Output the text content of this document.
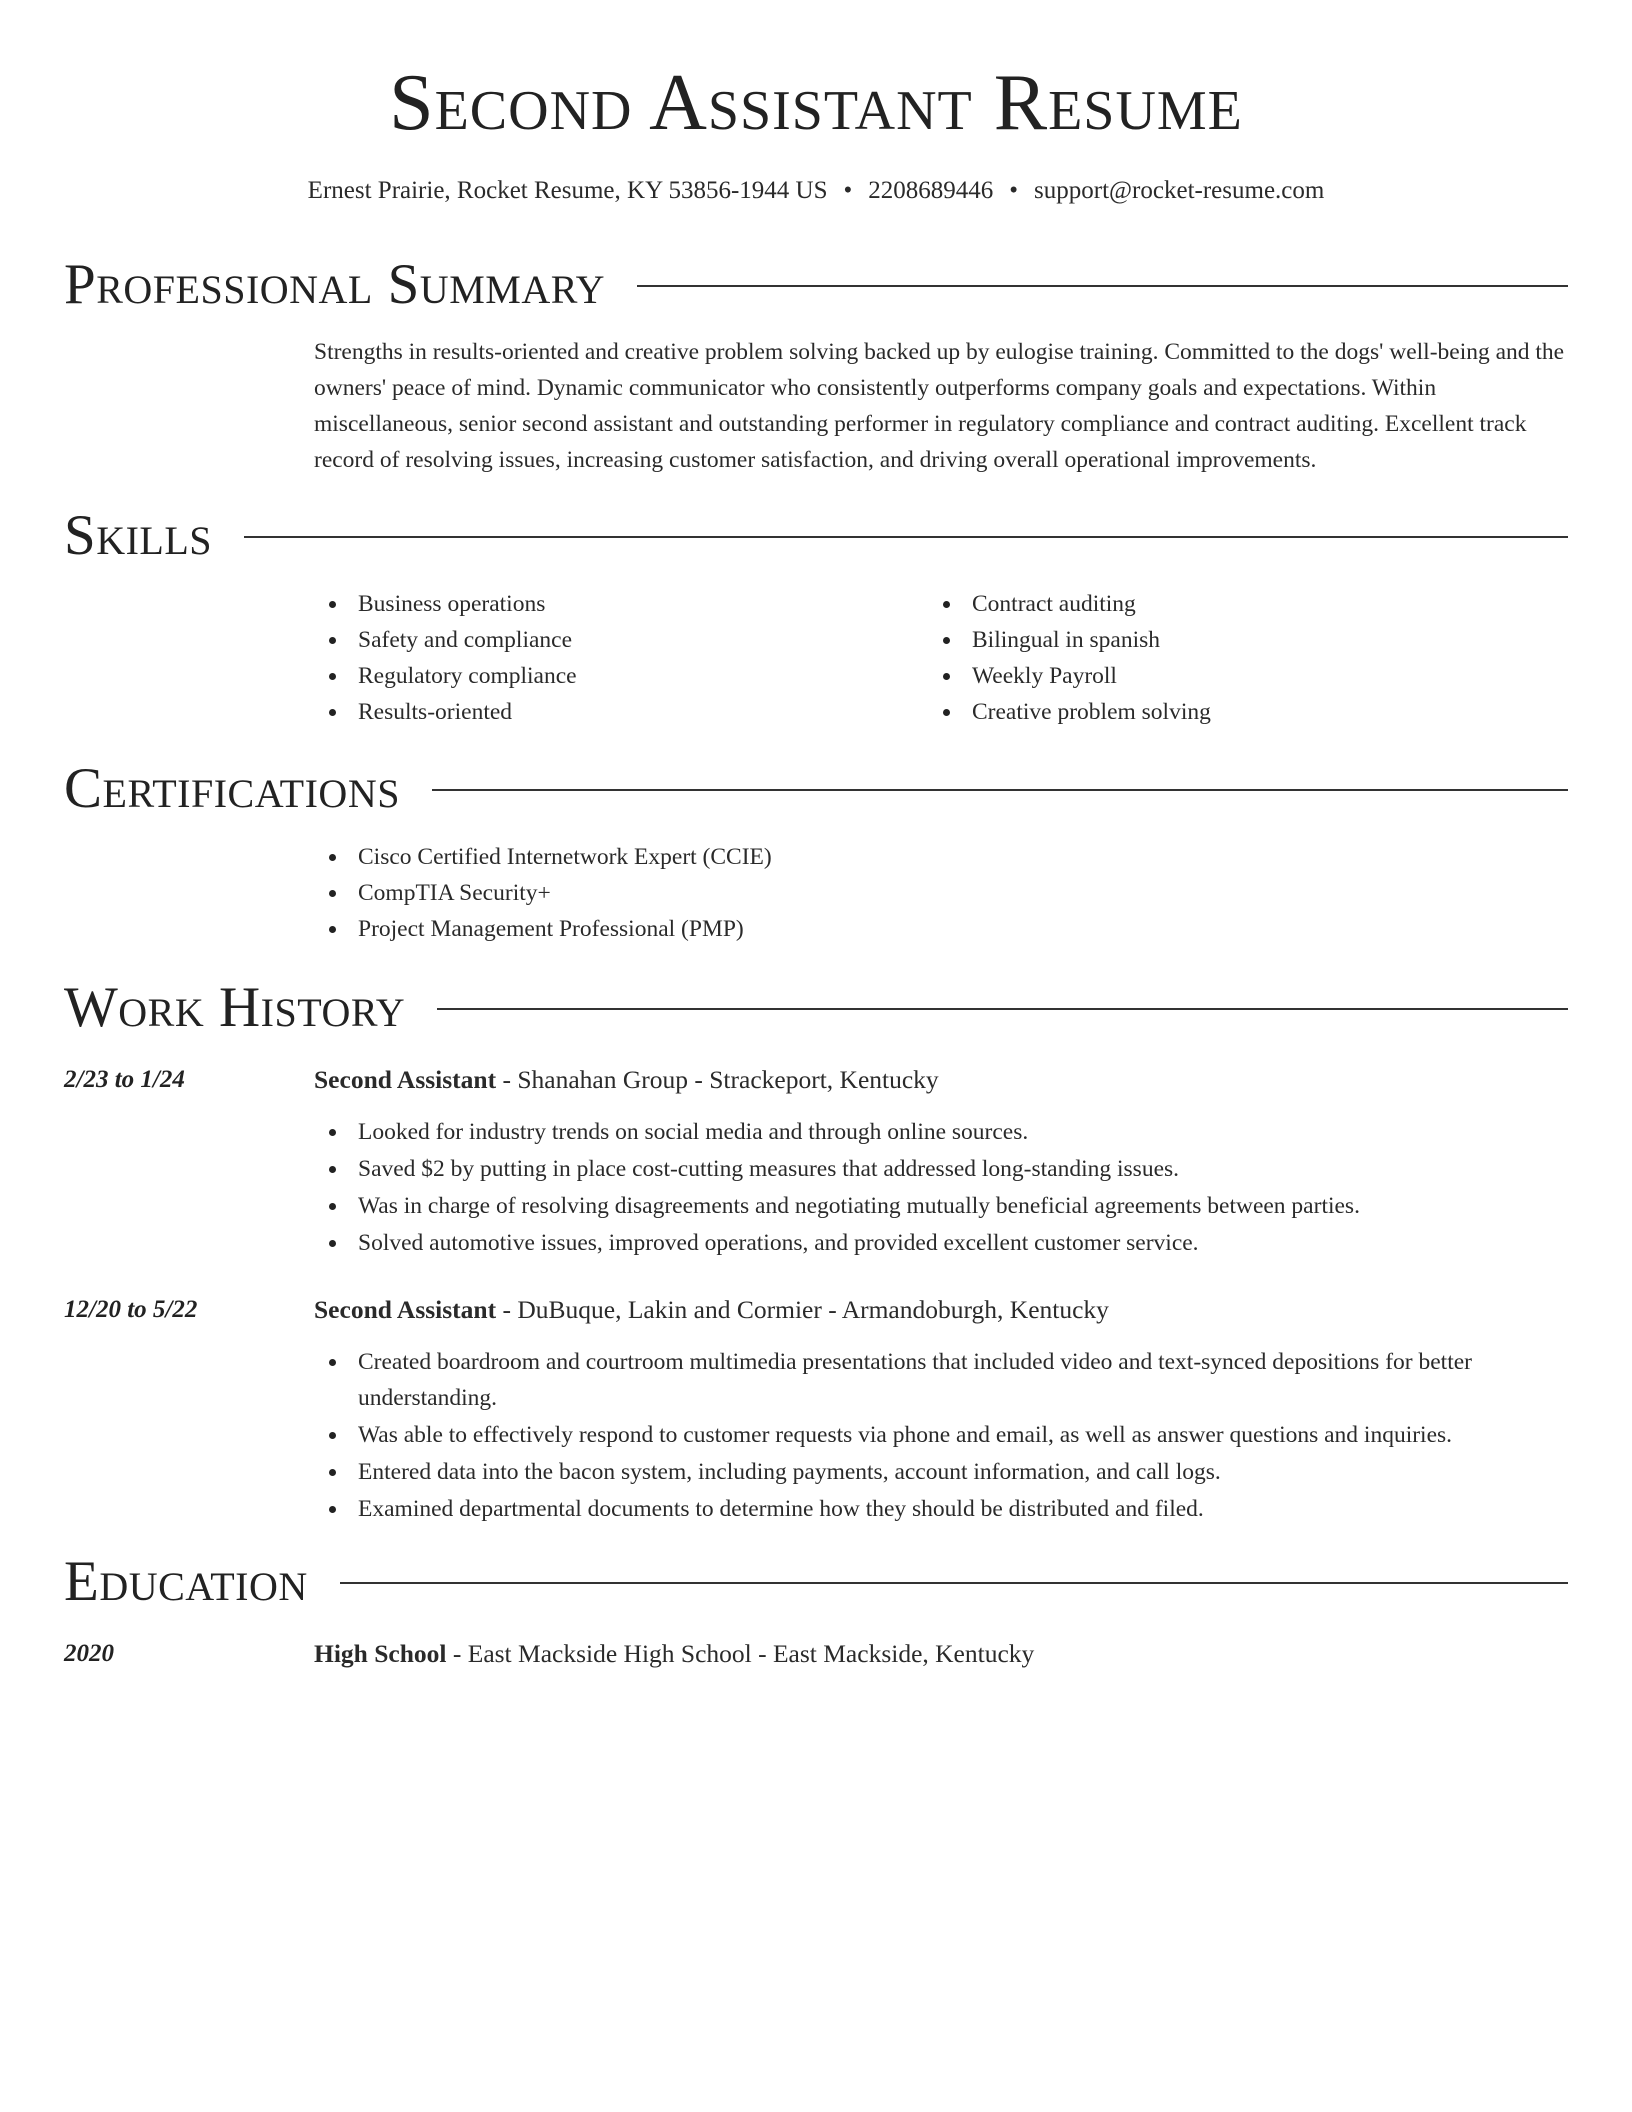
Second Assistant Resume
Ernest Prairie, Rocket Resume, KY 53856-1944 US • 2208689446 • support@rocket-resume.com
Professional Summary

Strengths in results-oriented and creative problem solving backed up by eulogise training. Committed to the dogs' well-being and the owners' peace of mind. Dynamic communicator who consistently outperforms company goals and expectations. Within miscellaneous, senior second assistant and outstanding performer in regulatory compliance and contract auditing. Excellent track record of resolving issues, increasing customer satisfaction, and driving overall operational improvements.

Skills
Business operations
Safety and compliance
Regulatory compliance
Results-oriented
Contract auditing
Bilingual in spanish
Weekly Payroll
Creative problem solving
Certifications
Cisco Certified Internetwork Expert (CCIE)
CompTIA Security+
Project Management Professional (PMP)
Work History
2/23 to 1/24	Second Assistant - Shanahan Group - Strackeport, Kentucky
Looked for industry trends on social media and through online sources.
Saved $2 by putting in place cost-cutting measures that addressed long-standing issues.
Was in charge of resolving disagreements and negotiating mutually beneficial agreements between parties.
Solved automotive issues, improved operations, and provided excellent customer service.
12/20 to 5/22	Second Assistant - DuBuque, Lakin and Cormier - Armandoburgh, Kentucky
Created boardroom and courtroom multimedia presentations that included video and text-synced depositions for better understanding.
Was able to effectively respond to customer requests via phone and email, as well as answer questions and inquiries.
Entered data into the bacon system, including payments, account information, and call logs.
Examined departmental documents to determine how they should be distributed and filed.
Education
2020	High School - East Mackside High School - East Mackside, Kentucky
